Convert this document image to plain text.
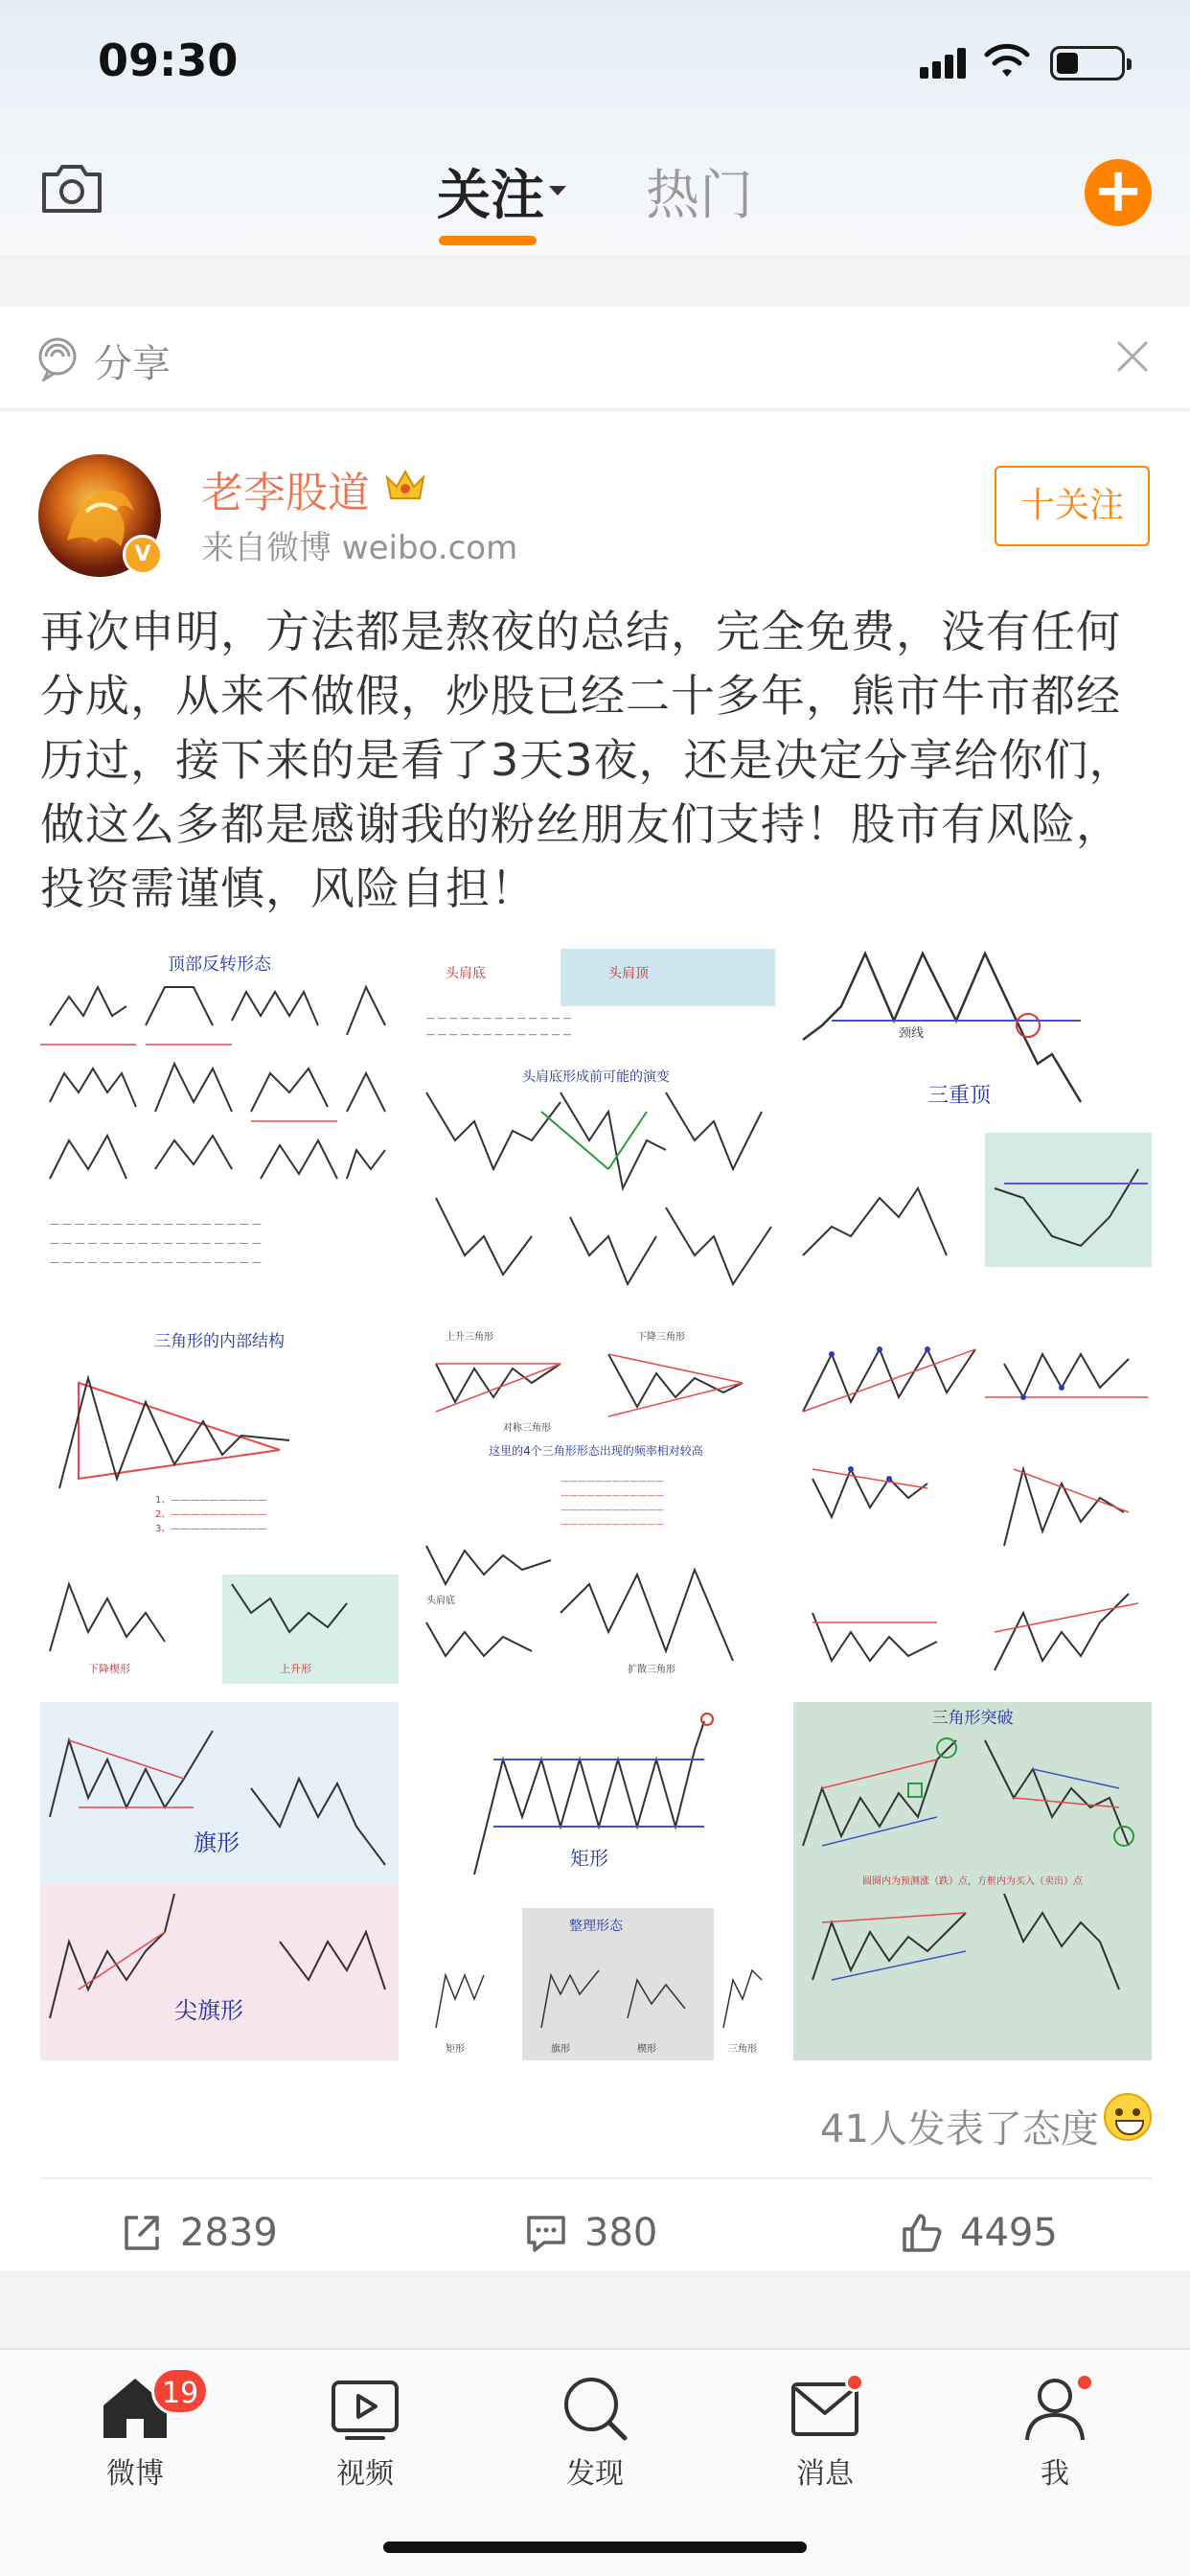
09:30
关注 热门	+
分享
V
老李股道
来自微博 weibo.com
十关注
再次申明，方法都是熬夜的总结，完全免费，没有任何分成，从来不做假，炒股已经二十多年，熊市牛市都经历过，接下来的是看了3天3夜，还是决定分享给你们，做这么多都是感谢我的粉丝朋友们支持！股市有风险，投资需谨慎，风险自担！
顶部反转形态
— — — — — — — — — — — — — — — — —
— — — — — — — — — — — — — — — — —
— — — — — — — — — — — — — — — — —
头肩底	头肩顶
头肩底形成前可能的演变
— — — — — — — — — — — — —
— — — — — — — — — — — — —	颈线
三重顶
三角形的内部结构
1、——————————
2、——————————
3、——————————
下降楔形	上升形
上升三角形	下降三角形
对称三角形
这里的4个三角形形态出现的频率相对较高
————————————
————————————
————————————
————————————
头肩底
扩散三角形
旗形
尖旗形
矩形
整理形态
矩形	旗形	楔形	三角形
三角形突破
圆圈内为预测涨（跌）点，方框内为买入（卖出）点
41人发表了态度
2839	380	4495
微博
19
视频	发现	消息	我
